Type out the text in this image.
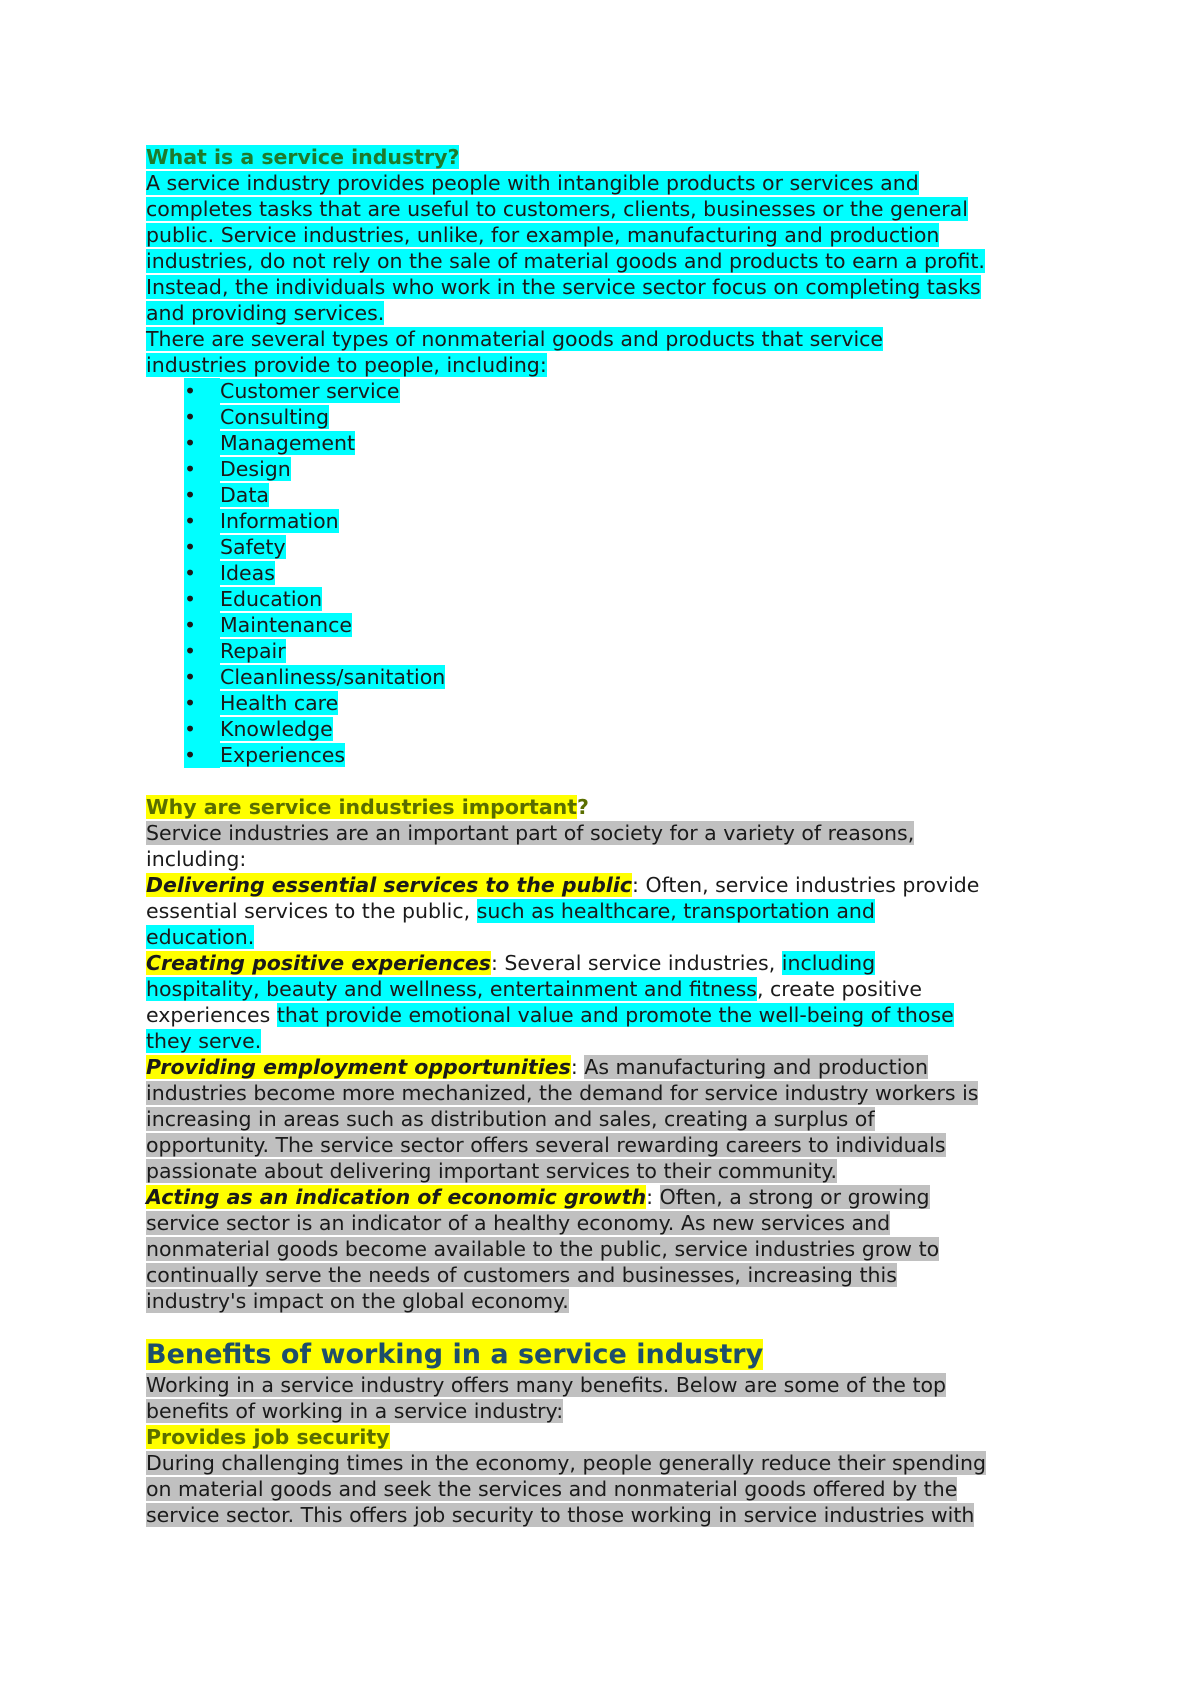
What is a service industry?

A service industry provides people with intangible products or services and
completes tasks that are useful to customers, clients, businesses or the general
public. Service industries, unlike, for example, manufacturing and production
industries, do not rely on the sale of material goods and products to earn a profit.
Instead, the individuals who work in the service sector focus on completing tasks
and providing services.

There are several types of nonmaterial goods and products that service
industries provide to people, including:

•	Customer service
•	Consulting
•	Management
•	Design
•	Data
•	Information
•	Safety
•	Ideas
•	Education
•	Maintenance
•	Repair
•	Cleanliness/sanitation
•	Health care
•	Knowledge
•	Experiences

Why are service industries important?

Service industries are an important part of society for a variety of reasons,
including:

Delivering essential services to the public: Often, service industries provide
essential services to the public, such as healthcare, transportation and
education.

Creating positive experiences: Several service industries, including
hospitality, beauty and wellness, entertainment and fitness, create positive
experiences that provide emotional value and promote the well-being of those
they serve.

Providing employment opportunities: As manufacturing and production
industries become more mechanized, the demand for service industry workers is
increasing in areas such as distribution and sales, creating a surplus of
opportunity. The service sector offers several rewarding careers to individuals
passionate about delivering important services to their community.

Acting as an indication of economic growth: Often, a strong or growing
service sector is an indicator of a healthy economy. As new services and
nonmaterial goods become available to the public, service industries grow to
continually serve the needs of customers and businesses, increasing this
industry's impact on the global economy.

Benefits of working in a service industry

Working in a service industry offers many benefits. Below are some of the top
benefits of working in a service industry:

Provides job security

During challenging times in the economy, people generally reduce their spending
on material goods and seek the services and nonmaterial goods offered by the
service sector. This offers job security to those working in service industries with
